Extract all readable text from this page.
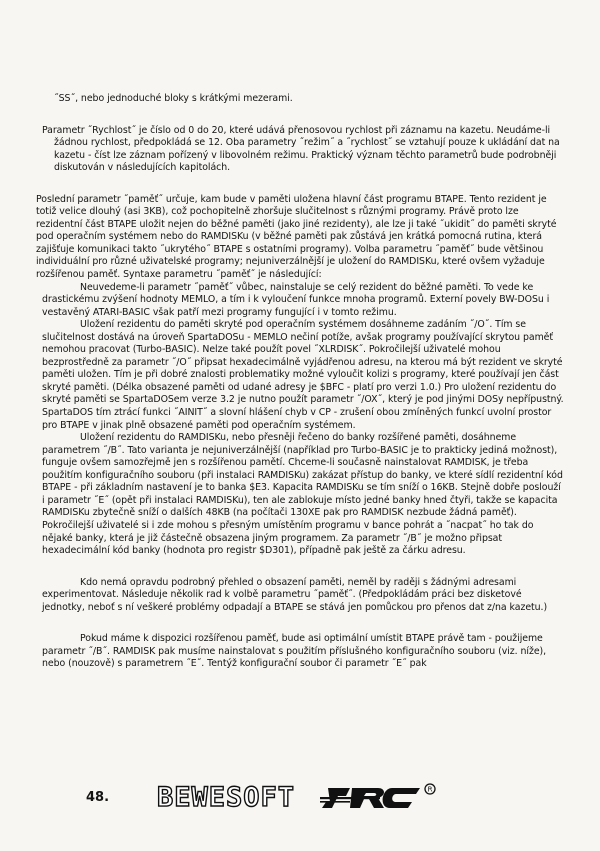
˝SS˝, nebo jednoduché bloky s krátkými mezerami.

Parametr ˝Rychlost˝ je číslo od 0 do 20, které udává přenosovou rychlost při záznamu na kazetu. Neudáme-li žádnou rychlost, předpokládá se 12. Oba parametry ˝režim˝ a ˝rychlost˝ se vztahují pouze k ukládání dat na kazetu - číst lze záznam pořízený v libovolném režimu. Praktický význam těchto parametrů bude podrobněji diskutován v následujících kapitolách.

Poslední parametr ˝paměť˝ určuje, kam bude v paměti uložena hlavní část programu BTAPE. Tento rezident je totiž velice dlouhý (asi 3KB), což pochopitelně zhoršuje slučitelnost s různými programy. Právě proto lze rezidentní část BTAPE uložit nejen do běžné paměti (jako jiné rezidenty), ale lze ji také ˝ukidit˝ do paměti skryté pod operačním systémem nebo do RAMDISKu (v běžné paměti pak zůstává jen krátká pomocná rutina, která zajišťuje komunikaci takto ˝ukrytého˝ BTAPE s ostatními programy). Volba parametru ˝paměť˝ bude většinou individuální pro různé uživatelské programy; nejuniverzálnější je uložení do RAMDISKu, které ovšem vyžaduje rozšířenou paměť. Syntaxe parametru ˝paměť˝ je následující:

Neuvedeme-li parametr ˝paměť˝ vůbec, nainstaluje se celý rezident do běžné paměti. To vede ke drastickému zvýšení hodnoty MEMLO, a tím i k vyloučení funkce mnoha programů. Externí povely BW-DOSu i vestavěný ATARI-BASIC však patří mezi programy fungující i v tomto režimu.

Uložení rezidentu do paměti skryté pod operačním systémem dosáhneme zadáním ˝/O˝. Tím se slučitelnost dostává na úroveň SpartaDOSu - MEMLO nečiní potíže, avšak programy používající skrytou paměť nemohou pracovat (Turbo-BASIC). Nelze také použít povel ˝XLRDISK˝. Pokročilejší uživatelé mohou bezprostředně za parametr ˝/O˝ připsat hexadecimálně vyjádřenou adresu, na kterou má být rezident ve skryté paměti uložen. Tím je při dobré znalosti problematiky možné vyloučit kolizi s programy, které používají jen část skryté paměti. (Délka obsazené paměti od udané adresy je $BFC - platí pro verzi 1.0.) Pro uložení rezidentu do skryté paměti se SpartaDOSem verze 3.2 je nutno použít parametr ˝/OX˝, který je pod jinými DOSy nepřípustný. SpartaDOS tím ztrácí funkci ˝AINIT˝ a slovní hlášení chyb v CP - zrušení obou zmíněných funkcí uvolní prostor pro BTAPE v jinak plně obsazené paměti pod operačním systémem.

Uložení rezidentu do RAMDISKu, nebo přesněji řečeno do banky rozšířené paměti, dosáhneme parametrem ˝/B˝. Tato varianta je nejuniverzálnější (například pro Turbo-BASIC je to prakticky jediná možnost), funguje ovšem samozřejmě jen s rozšířenou pamětí. Chceme-li současně nainstalovat RAMDISK, je třeba použitím konfiguračního souboru (při instalaci RAMDISKu) zakázat přístup do banky, ve které sídlí rezidentní kód BTAPE - při základním nastavení je to banka $E3. Kapacita RAMDISKu se tím sníží o 16KB. Stejně dobře poslouží i parametr ˝E˝ (opět při instalaci RAMDISKu), ten ale zablokuje místo jedné banky hned čtyři, takže se kapacita RAMDISKu zbytečně sníží o dalších 48KB (na počítači 130XE pak pro RAMDISK nezbude žádná paměť). Pokročilejší uživatelé si i zde mohou s přesným umístěním programu v bance pohrát a ˝nacpat˝ ho tak do nějaké banky, která je již částečně obsazena jiným programem. Za parametr ˝/B˝ je možno připsat hexadecimální kód banky (hodnota pro registr $D301), případně pak ještě za čárku adresu.

Kdo nemá opravdu podrobný přehled o obsazení paměti, neměl by raději s žádnými adresami experimentovat. Následuje několik rad k volbě parametru ˝paměť˝. (Předpokládám práci bez disketové jednotky, neboť s ní veškeré problémy odpadají a BTAPE se stává jen pomůckou pro přenos dat z/na kazetu.)

Pokud máme k dispozici rozšířenou paměť, bude asi optimální umístit BTAPE právě tam - použijeme parametr ˝/B˝. RAMDISK pak musíme nainstalovat s použitím příslušného konfiguračního souboru (viz. níže), nebo (nouzově) s parametrem ˝E˝. Tentýž konfigurační soubor či parametr ˝E˝ pak

48. BEWESOFT	R
